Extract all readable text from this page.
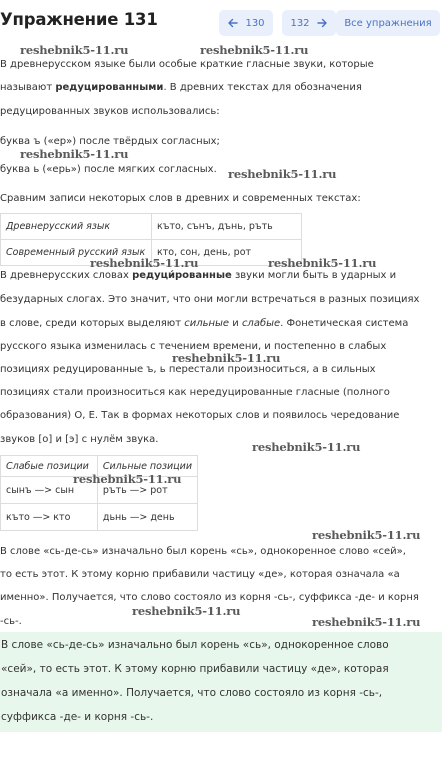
Упражнение 131	130	132	Все упражнения
В древнерусском языке были особые краткие гласные звуки, которые
называют редуцированными. В древних текстах для обозначения
редуцированных звуков использовались:
буква ъ («ер») после твёрдых согласных;
буква ь («ерь») после мягких согласных.
Сравним записи некоторых слов в древних и современных текстах:
Древнерусский язык	къто, сънъ, дънь, ръть
Современный русский язык	кто, сон, день, рот
В древнерусских словах редуци́рованные звуки могли быть в ударных и
безударных слогах. Это значит, что они могли встречаться в разных позициях
в слове, среди которых выделяют сильные и слабые. Фонетическая система
русского языка изменилась с течением времени, и постепенно в слабых
позициях редуцированные ъ, ь перестали произноситься, а в сильных
позициях стали произноситься как нередуцированные гласные (полного
образования) О, Е. Так в формах некоторых слов и появилось чередование
звуков [о] и [э] с нулём звука.
Слабые позиции	Сильные позиции
сынъ —> сын	ръть —> рот
къто —> кто	дьнь —> день
В слове «сь-де-сь» изначально был корень «сь», однокоренное слово «сей»,
то есть этот. К этому корню прибавили частицу «де», которая означала «а
именно». Получается, что слово состояло из корня -сь-, суффикса -де- и корня
-сь-.
В слове «сь-де-сь» изначально был корень «сь», однокоренное слово
«сей», то есть этот. К этому корню прибавили частицу «де», которая
означала «а именно». Получается, что слово состояло из корня -сь-,
суффикса -де- и корня -сь-.
reshebnik5-11.ru	reshebnik5-11.ru
reshebnik5-11.ru
reshebnik5-11.ru
reshebnik5-11.ru	reshebnik5-11.ru
reshebnik5-11.ru
reshebnik5-11.ru
reshebnik5-11.ru
reshebnik5-11.ru
reshebnik5-11.ru
reshebnik5-11.ru
